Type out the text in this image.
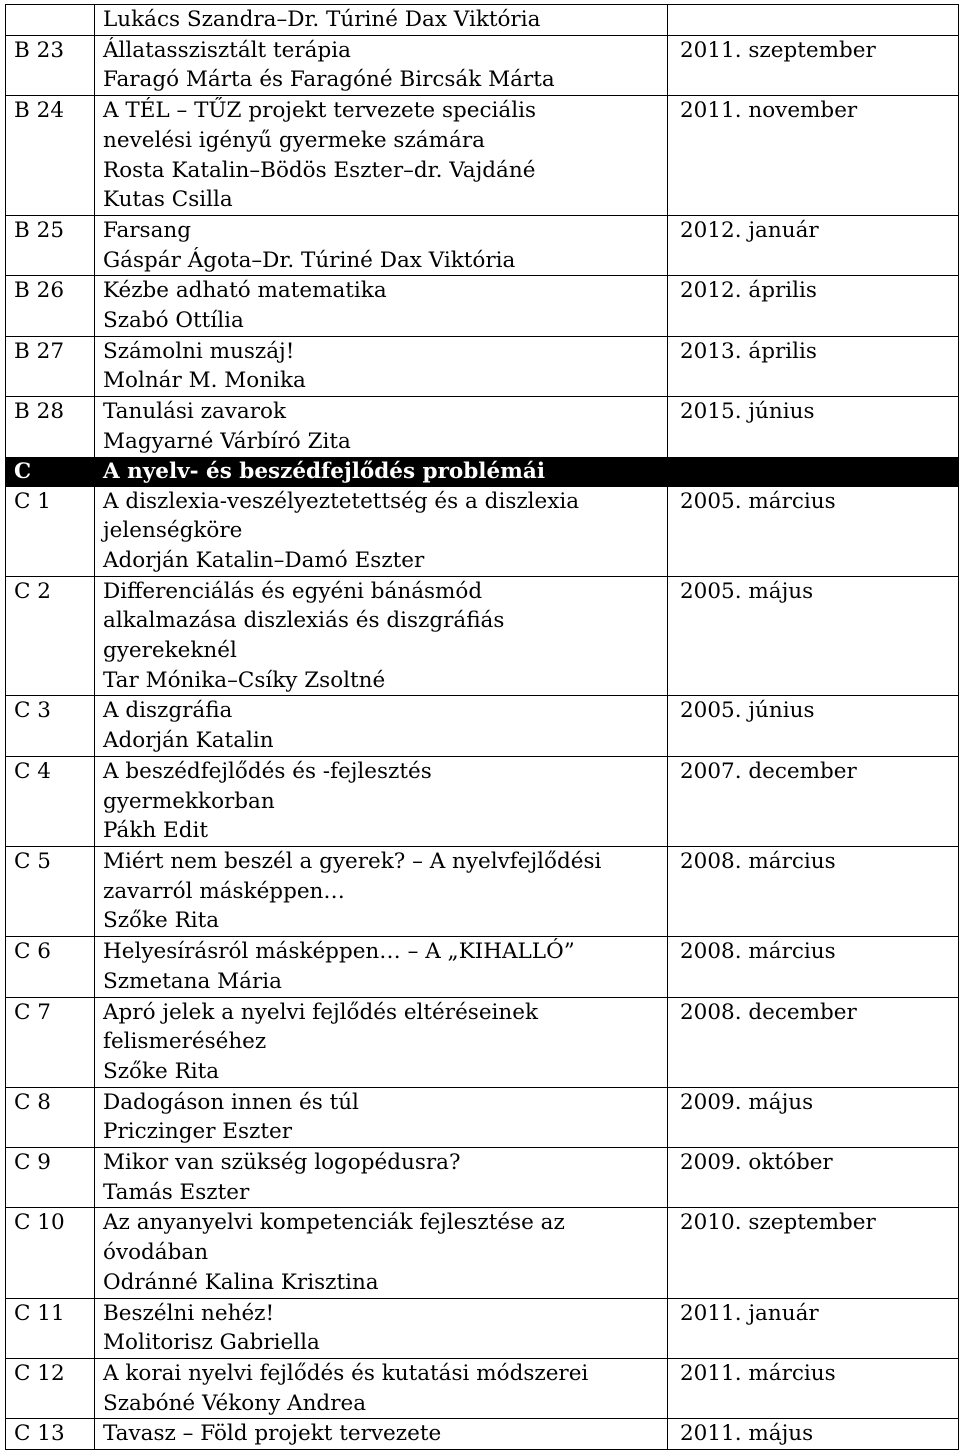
	Lukács Szandra–Dr. Túriné Dax Viktória	

B 23	Állatasszisztált terápia
Faragó Márta és Faragóné Bircsák Márta	2011. szeptember
B 24	A TÉL – TŰZ projekt tervezete speciális
nevelési igényű gyermeke számára
Rosta Katalin–Bödös Eszter–dr. Vajdáné
Kutas Csilla	2011. november
B 25	Farsang
Gáspár Ágota–Dr. Túriné Dax Viktória	2012. január
B 26	Kézbe adható matematika
Szabó Ottília	2012. április
B 27	Számolni muszáj!
Molnár M. Monika	2013. április
B 28	Tanulási zavarok
Magyarné Várbíró Zita	2015. június
C	A nyelv- és beszédfejlődés problémái	

C 1	A diszlexia-veszélyeztetettség és a diszlexia
jelenségköre
Adorján Katalin–Damó Eszter	2005. március
C 2	Differenciálás és egyéni bánásmód
alkalmazása diszlexiás és diszgráfiás
gyerekeknél
Tar Mónika–Csíky Zsoltné	2005. május
C 3	A diszgráfia
Adorján Katalin	2005. június
C 4	A beszédfejlődés és -fejlesztés
gyermekkorban
Pákh Edit	2007. december
C 5	Miért nem beszél a gyerek? – A nyelvfejlődési
zavarról másképpen…
Szőke Rita	2008. március
C 6	Helyesírásról másképpen… – A „KIHALLÓ”
Szmetana Mária	2008. március
C 7	Apró jelek a nyelvi fejlődés eltéréseinek
felismeréséhez
Szőke Rita	2008. december
C 8	Dadogáson innen és túl
Priczinger Eszter	2009. május
C 9	Mikor van szükség logopédusra?
Tamás Eszter	2009. október
C 10	Az anyanyelvi kompetenciák fejlesztése az
óvodában
Odránné Kalina Krisztina	2010. szeptember
C 11	Beszélni nehéz!
Molitorisz Gabriella	2011. január
C 12	A korai nyelvi fejlődés és kutatási módszerei
Szabóné Vékony Andrea	2011. március
C 13	Tavasz – Föld projekt tervezete	2011. május
